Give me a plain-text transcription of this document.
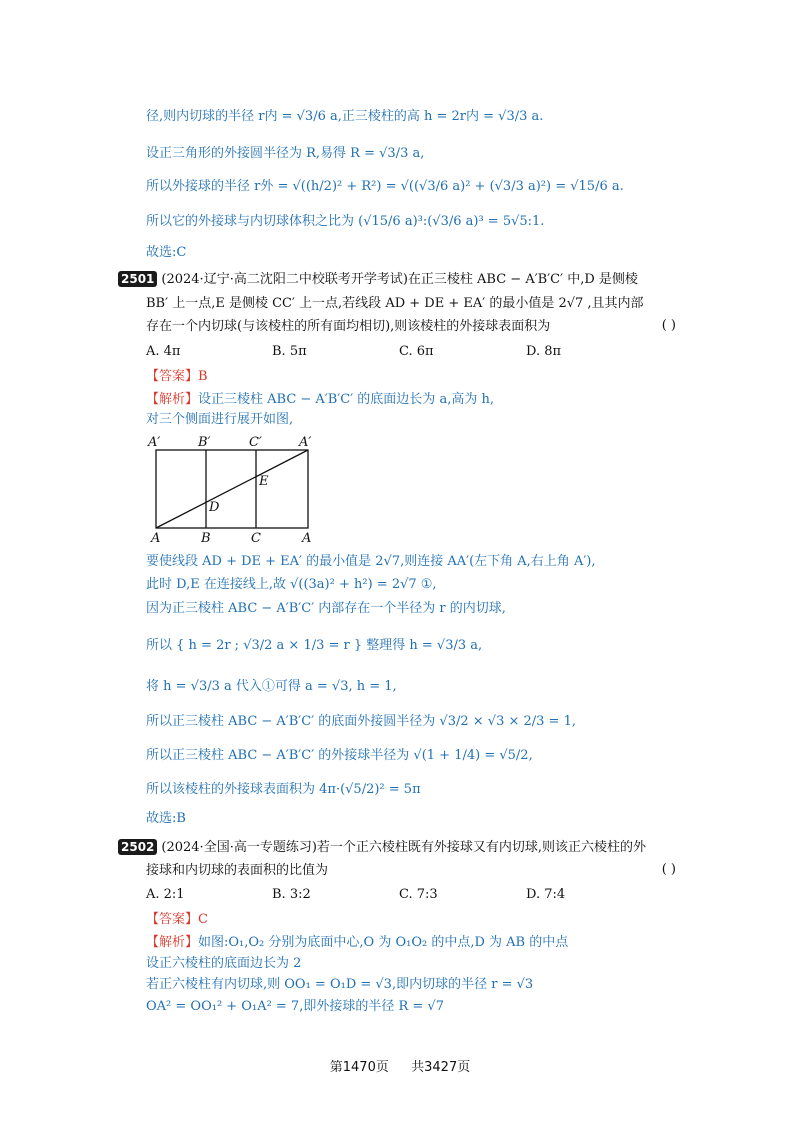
径,则内切球的半径 r内 = √3/6 a,正三棱柱的高 h = 2r内 = √3/3 a.
设正三角形的外接圆半径为 R,易得 R = √3/3 a,
所以外接球的半径 r外 = √((h/2)² + R²) = √((√3/6 a)² + (√3/3 a)²) = √15/6 a.
所以它的外接球与内切球体积之比为 (√15/6 a)³:(√3/6 a)³ = 5√5:1.
故选:C
2501 (2024·辽宁·高二沈阳二中校联考开学考试)在正三棱柱 ABC − A′B′C′ 中,D 是侧棱
BB′ 上一点,E 是侧棱 CC′ 上一点,若线段 AD + DE + EA′ 的最小值是 2√7 ,且其内部
存在一个内切球(与该棱柱的所有面均相切),则该棱柱的外接球表面积为	( )
A. 4π	B. 5π	C. 6π	D. 8π
【答案】B
【解析】设正三棱柱 ABC − A′B′C′ 的底面边长为 a,高为 h,
对三个侧面进行展开如图,
A′	B′	C′	A′
A	B	C	A
D
E
要使线段 AD + DE + EA′ 的最小值是 2√7,则连接 AA′(左下角 A,右上角 A′),
此时 D,E 在连接线上,故 √((3a)² + h²) = 2√7 ①,
因为正三棱柱 ABC − A′B′C′ 内部存在一个半径为 r 的内切球,
所以 { h = 2r ; √3/2 a × 1/3 = r } 整理得 h = √3/3 a,
将 h = √3/3 a 代入①可得 a = √3, h = 1,
所以正三棱柱 ABC − A′B′C′ 的底面外接圆半径为 √3/2 × √3 × 2/3 = 1,
所以正三棱柱 ABC − A′B′C′ 的外接球半径为 √(1 + 1/4) = √5/2,
所以该棱柱的外接球表面积为 4π·(√5/2)² = 5π
故选:B
2502 (2024·全国·高一专题练习)若一个正六棱柱既有外接球又有内切球,则该正六棱柱的外
接球和内切球的表面积的比值为	( )
A. 2:1	B. 3:2	C. 7:3	D. 7:4
【答案】C
【解析】如图:O₁,O₂ 分别为底面中心,O 为 O₁O₂ 的中点,D 为 AB 的中点
设正六棱柱的底面边长为 2
若正六棱柱有内切球,则 OO₁ = O₁D = √3,即内切球的半径 r = √3
OA² = OO₁² + O₁A² = 7,即外接球的半径 R = √7
第1470页 共3427页
